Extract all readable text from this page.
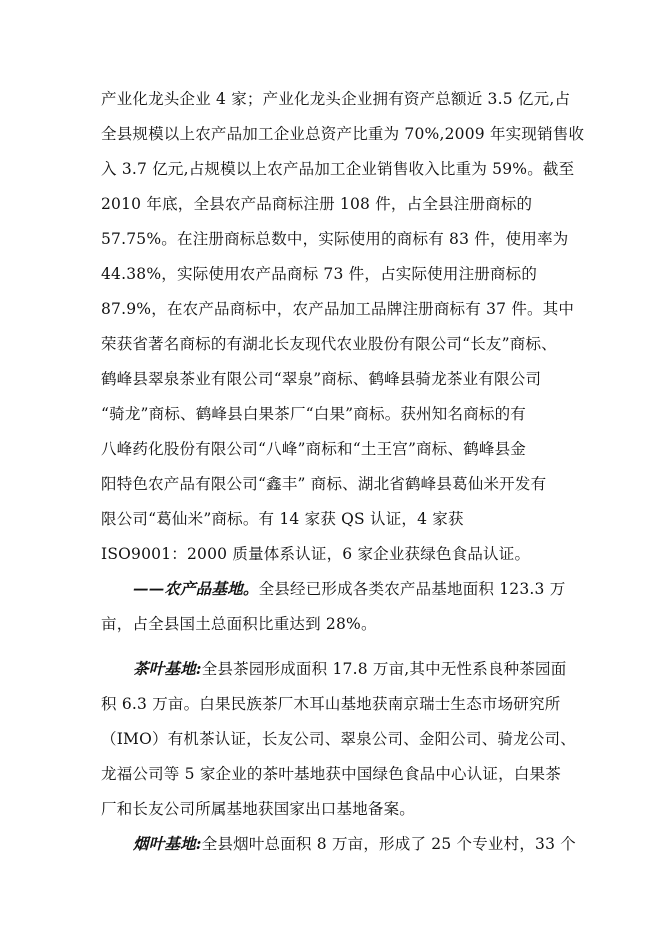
产业化龙头企业 4 家；产业化龙头企业拥有资产总额近 3.5 亿元,占
全县规模以上农产品加工企业总资产比重为 70%,2009 年实现销售收
入 3.7 亿元,占规模以上农产品加工企业销售收入比重为 59%。截至
2010 年底，全县农产品商标注册 108 件，占全县注册商标的
57.75%。在注册商标总数中，实际使用的商标有 83 件，使用率为
44.38%，实际使用农产品商标 73 件，占实际使用注册商标的
87.9%，在农产品商标中，农产品加工品牌注册商标有 37 件。其中
荣获省著名商标的有湖北长友现代农业股份有限公司“长友”商标、
鹤峰县翠泉茶业有限公司“翠泉”商标、鹤峰县骑龙茶业有限公司
“骑龙”商标、鹤峰县白果茶厂“白果”商标。获州知名商标的有
八峰药化股份有限公司“八峰”商标和“土王宫”商标、鹤峰县金
阳特色农产品有限公司“鑫丰” 商标、湖北省鹤峰县葛仙米开发有
限公司“葛仙米”商标。有 14 家获 QS 认证，4 家获
ISO9001：2000 质量体系认证，6 家企业获绿色食品认证。
——农产品基地。全县经已形成各类农产品基地面积 123.3 万
亩，占全县国土总面积比重达到 28%。
茶叶基地:全县茶园形成面积 17.8 万亩,其中无性系良种茶园面
积 6.3 万亩。白果民族茶厂木耳山基地获南京瑞士生态市场研究所
（IMO）有机茶认证，长友公司、翠泉公司、金阳公司、骑龙公司、
龙福公司等 5 家企业的茶叶基地获中国绿色食品中心认证，白果茶
厂和长友公司所属基地获国家出口基地备案。
烟叶基地:全县烟叶总面积 8 万亩，形成了 25 个专业村，33 个
